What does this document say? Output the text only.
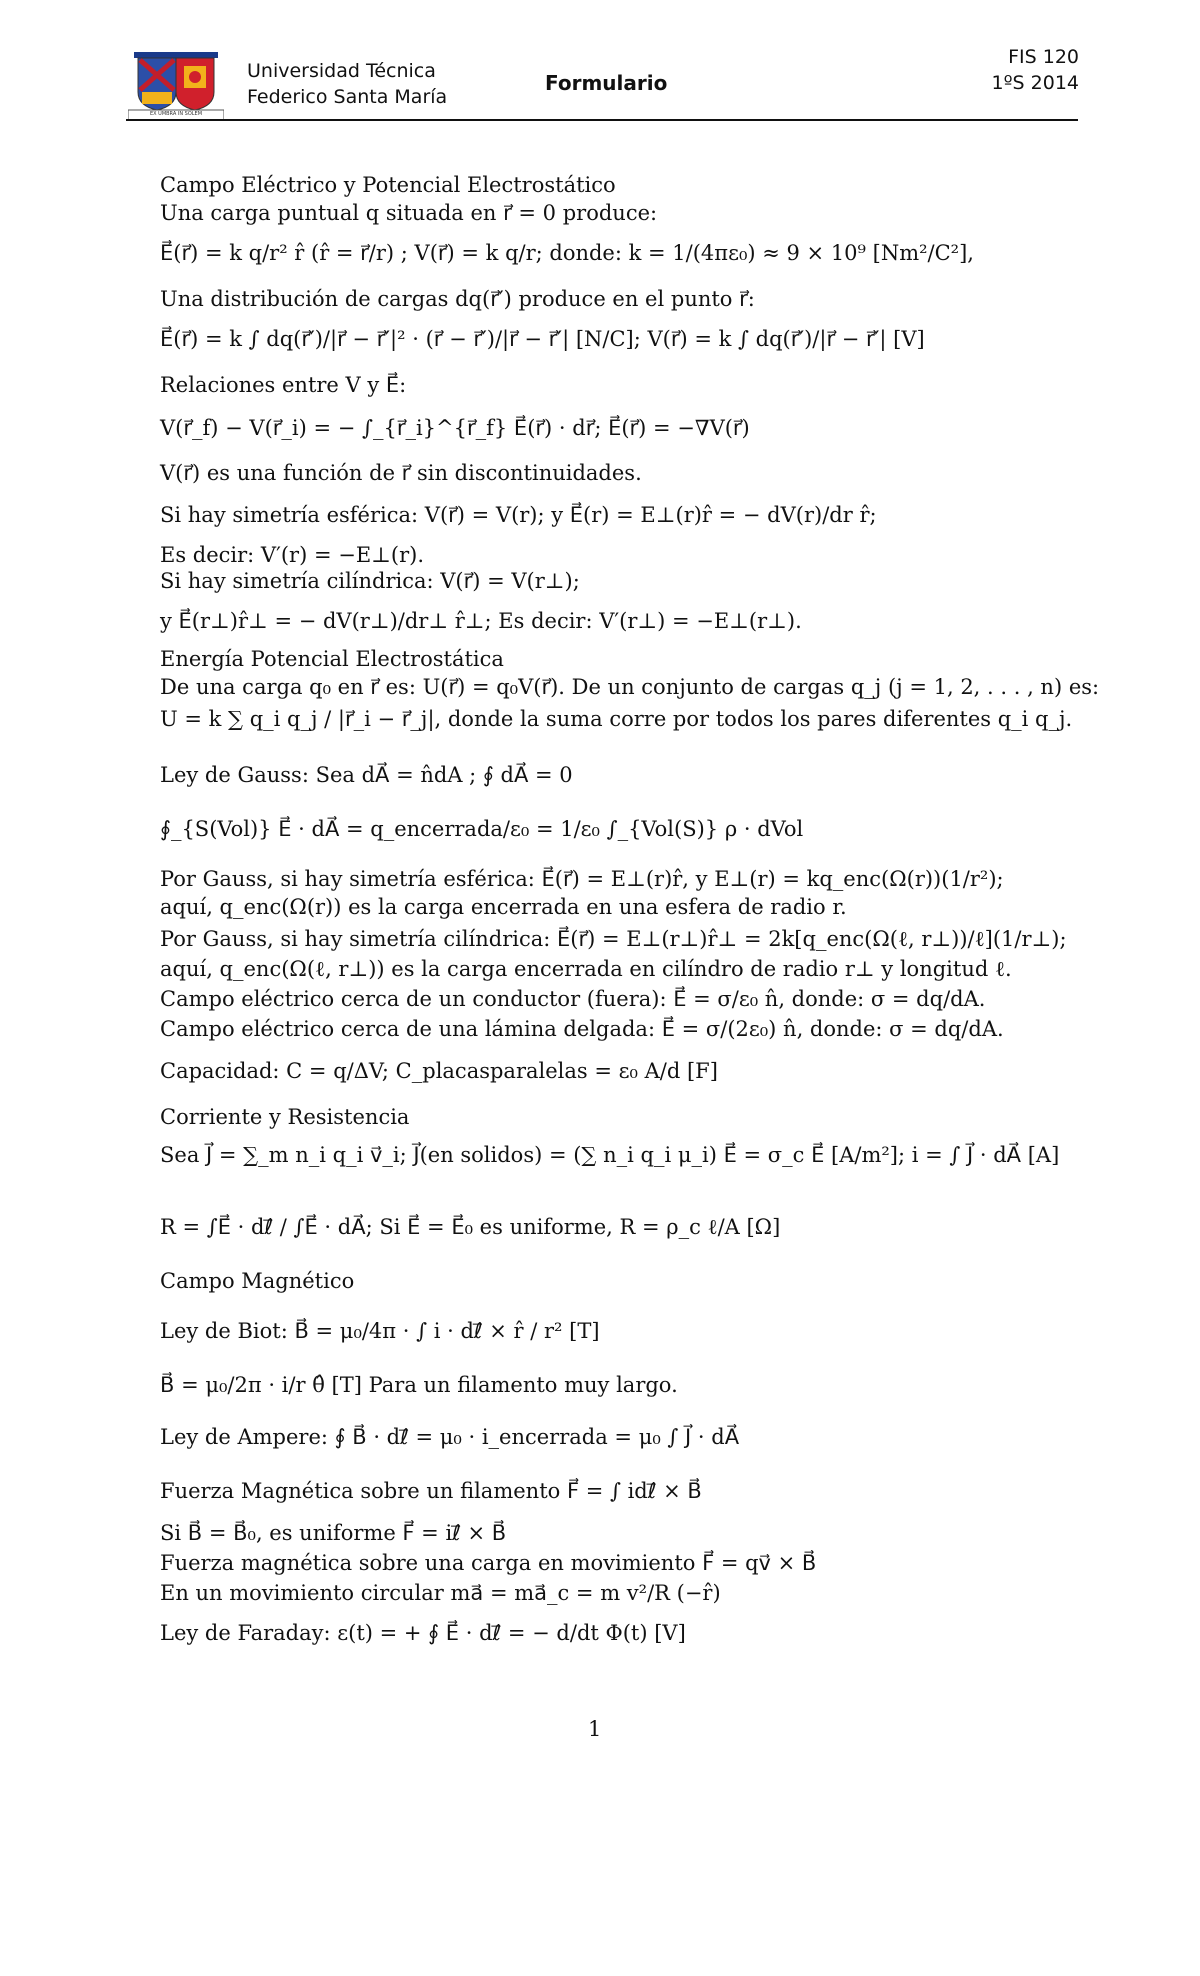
EX UMBRA IN SOLEM
Universidad Técnica
Federico Santa María
Formulario
FIS 120
1ºS 2014
Campo Eléctrico y Potencial Electrostático
Una carga puntual q situada en r⃗ = 0 produce:
E⃗(r⃗) = k q/r² r̂ (r̂ = r⃗/r) ; V(r⃗) = k q/r; donde: k = 1/(4πε₀) ≈ 9 × 10⁹ [Nm²/C²],
Una distribución de cargas dq(r⃗′) produce en el punto r⃗:
E⃗(r⃗) = k ∫ dq(r⃗′)/|r⃗ − r⃗′|² · (r⃗ − r⃗′)/|r⃗ − r⃗′| [N/C]; V(r⃗) = k ∫ dq(r⃗′)/|r⃗ − r⃗′| [V]
Relaciones entre V y E⃗:
V(r⃗_f) − V(r⃗_i) = − ∫_{r⃗_i}^{r⃗_f} E⃗(r⃗) · dr⃗; E⃗(r⃗) = −∇V(r⃗)
V(r⃗) es una función de r⃗ sin discontinuidades.
Si hay simetría esférica: V(r⃗) = V(r); y E⃗(r) = E⊥(r)r̂ = − dV(r)/dr r̂;
Es decir: V′(r) = −E⊥(r).
Si hay simetría cilíndrica: V(r⃗) = V(r⊥);
y E⃗(r⊥)r̂⊥ = − dV(r⊥)/dr⊥ r̂⊥; Es decir: V′(r⊥) = −E⊥(r⊥).
Energía Potencial Electrostática
De una carga q₀ en r⃗ es: U(r⃗) = q₀V(r⃗). De un conjunto de cargas q_j (j = 1, 2, . . . , n) es:
U = k ∑ q_i q_j / |r⃗_i − r⃗_j|, donde la suma corre por todos los pares diferentes q_i q_j.
Ley de Gauss: Sea dA⃗ = n̂dA ; ∮ dA⃗ = 0
∮_{S(Vol)} E⃗ · dA⃗ = q_encerrada/ε₀ = 1/ε₀ ∫_{Vol(S)} ρ · dVol
Por Gauss, si hay simetría esférica: E⃗(r⃗) = E⊥(r)r̂, y E⊥(r) = kq_enc(Ω(r))(1/r²);
aquí, q_enc(Ω(r)) es la carga encerrada en una esfera de radio r.
Por Gauss, si hay simetría cilíndrica: E⃗(r⃗) = E⊥(r⊥)r̂⊥ = 2k[q_enc(Ω(ℓ, r⊥))/ℓ](1/r⊥);
aquí, q_enc(Ω(ℓ, r⊥)) es la carga encerrada en cilíndro de radio r⊥ y longitud ℓ.
Campo eléctrico cerca de un conductor (fuera): E⃗ = σ/ε₀ n̂, donde: σ = dq/dA.
Campo eléctrico cerca de una lámina delgada: E⃗ = σ/(2ε₀) n̂, donde: σ = dq/dA.
Capacidad: C = q/ΔV; C_placasparalelas = ε₀ A/d [F]
Corriente y Resistencia
Sea J⃗ = ∑_m n_i q_i v⃗_i; J⃗(en solidos) = (∑ n_i q_i μ_i) E⃗ = σ_c E⃗ [A/m²]; i = ∫ J⃗ · dA⃗ [A]
R = ∫E⃗ · dℓ⃗ / ∫E⃗ · dA⃗; Si E⃗ = E⃗₀ es uniforme, R = ρ_c ℓ/A [Ω]
Campo Magnético
Ley de Biot: B⃗ = μ₀/4π · ∫ i · dℓ⃗ × r̂ / r² [T]
B⃗ = μ₀/2π · i/r θ̂ [T] Para un filamento muy largo.
Ley de Ampere: ∮ B⃗ · dℓ⃗ = μ₀ · i_encerrada = μ₀ ∫ J⃗ · dA⃗
Fuerza Magnética sobre un filamento F⃗ = ∫ idℓ⃗ × B⃗
Si B⃗ = B⃗₀, es uniforme F⃗ = iℓ⃗ × B⃗
Fuerza magnética sobre una carga en movimiento F⃗ = qv⃗ × B⃗
En un movimiento circular ma⃗ = ma⃗_c = m v²/R (−r̂)
Ley de Faraday: ε(t) = + ∮ E⃗ · dℓ⃗ = − d/dt Φ(t) [V]
1
